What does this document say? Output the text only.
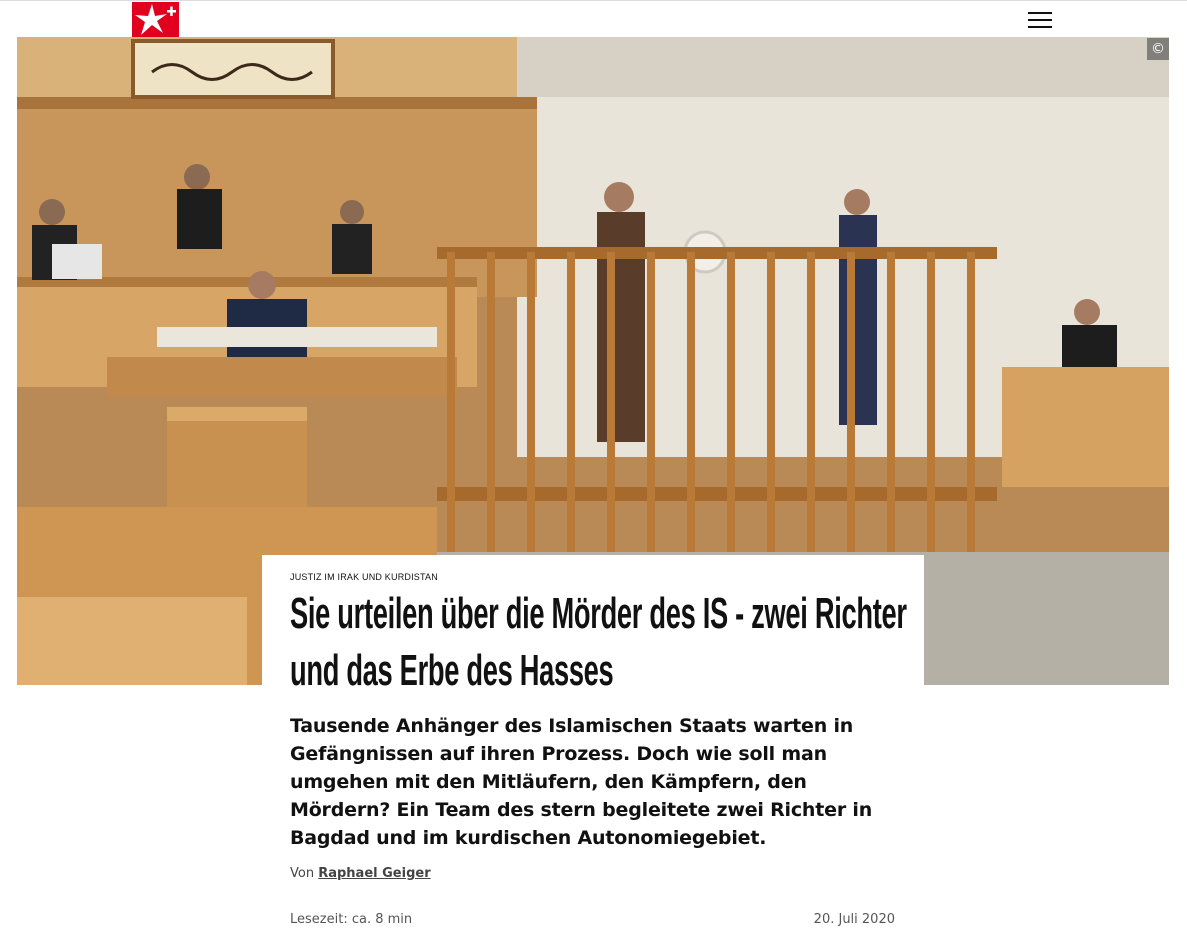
©
JUSTIZ IM IRAK UND KURDISTAN
Sie urteilen über die Mörder des IS - zwei Richter und das Erbe des Hasses

Tausende Anhänger des Islamischen Staats warten in Gefängnissen auf ihren Prozess. Doch wie soll man umgehen mit den Mitläufern, den Kämpfern, den Mördern? Ein Team des stern begleitete zwei Richter in Bagdad und im kurdischen Autonomiegebiet.

Von Raphael Geiger
Lesezeit: ca. 8 min	20. Juli 2020
